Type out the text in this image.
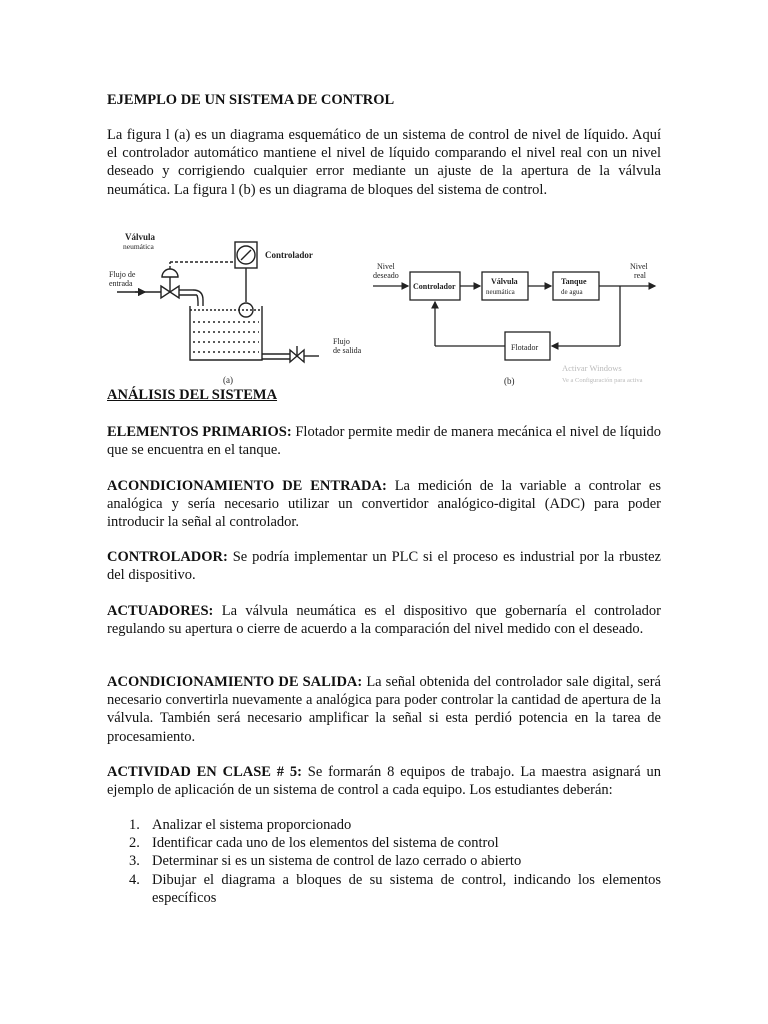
EJEMPLO DE UN SISTEMA DE CONTROL
La figura l (a) es un diagrama esquemático de un sistema de control de nivel de líquido. Aquí el controlador automático mantiene el nivel de líquido comparando el nivel real con un nivel deseado y corrigiendo cualquier error mediante un ajuste de la apertura de la válvula neumática. La figura l (b) es un diagrama de bloques del sistema de control.
Válvula
neumática
Controlador
Flujo de
entrada
Flujo
de salida
(a)
Nivel
deseado
Controlador
Válvula
neumática
Tanque
de agua
Nivel
real
Flotador
(b)
Activar Windows
Ve a Configuración para activa
ANÁLISIS DEL SISTEMA
ELEMENTOS PRIMARIOS: Flotador permite medir de manera mecánica el nivel de líquido que se encuentra en el tanque.
ACONDICIONAMIENTO DE ENTRADA: La medición de la variable a controlar es analógica y sería necesario utilizar un convertidor analógico-digital (ADC) para poder introducir la señal al controlador.
CONTROLADOR: Se podría implementar un PLC si el proceso es industrial por la rbustez del dispositivo.
ACTUADORES: La válvula neumática es el dispositivo que gobernaría el controlador regulando su apertura o cierre de acuerdo a la comparación del nivel medido con el deseado.
ACONDICIONAMIENTO DE SALIDA: La señal obtenida del controlador sale digital, será necesario convertirla nuevamente a analógica para poder controlar la cantidad de apertura de la válvula. También será necesario amplificar la señal si esta perdió potencia en la tarea de procesamiento.
ACTIVIDAD EN CLASE # 5: Se formarán 8 equipos de trabajo. La maestra asignará un ejemplo de aplicación de un sistema de control a cada equipo. Los estudiantes deberán:
1. Analizar el sistema proporcionado
2. Identificar cada uno de los elementos del sistema de control
3. Determinar si es un sistema de control de lazo cerrado o abierto
4. Dibujar el diagrama a bloques de su sistema de control, indicando los elementos específicos
